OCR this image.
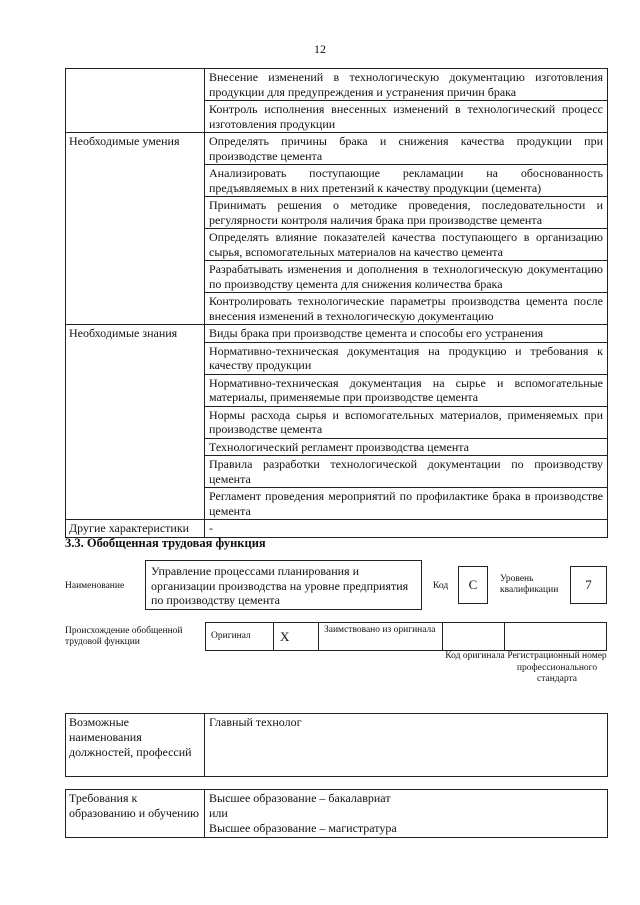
12
	Внесение изменений в технологическую документацию изготовления продукции для предупреждения и устранения причин брака
	Контроль исполнения внесенных изменений в технологический процесс изготовления продукции
Необходимые умения	Определять причины брака и снижения качества продукции при производстве цемента
	Анализировать поступающие рекламации на обоснованность предъявляемых в них претензий к качеству продукции (цемента)
	Принимать решения о методике проведения, последовательности и регулярности контроля наличия брака при производстве цемента
	Определять влияние показателей качества поступающего в организацию сырья, вспомогательных материалов на качество цемента
	Разрабатывать изменения и дополнения в технологическую документацию по производству цемента для снижения количества брака
	Контролировать технологические параметры производства цемента после внесения изменений в технологическую документацию
Необходимые знания	Виды брака при производстве цемента и способы его устранения
	Нормативно-техническая документация на продукцию и требования к качеству продукции
	Нормативно-техническая документация на сырье и вспомогательные материалы, применяемые при производстве цемента
	Нормы расхода сырья и вспомогательных материалов, применяемых при производстве цемента
	Технологический регламент производства цемента
	Правила разработки технологической документации по производству цемента
	Регламент проведения мероприятий по профилактике брака в производстве цемента
Другие характеристики	-
3.3. Обобщенная трудовая функция
Наименование
Управление процессами планирования и организации производства на уровне предприятия по производству цемента
Код	C	Уровень квалификации	7
Происхождение обобщенной трудовой функции
Оригинал	X	Заимствовано из оригинала		
Код оригинала Регистрационный номер профессионального стандарта
Возможные наименования должностей, профессий	Главный технолог
Требования к образованию и обучению	
Высшее образование – бакалавриат
или
Высшее образование – магистратура
